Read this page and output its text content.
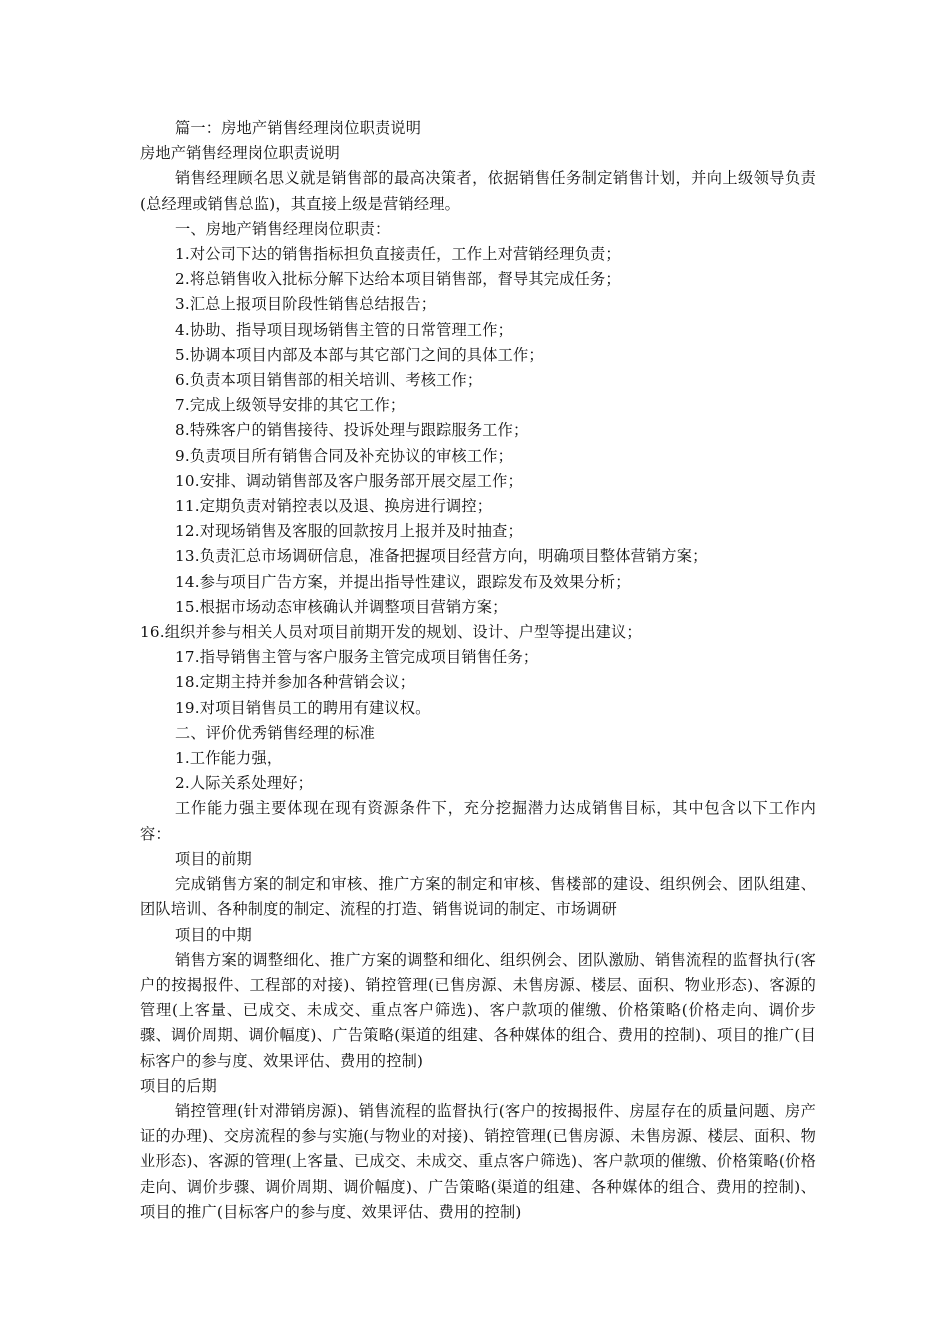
篇一：房地产销售经理岗位职责说明

房地产销售经理岗位职责说明

销售经理顾名思义就是销售部的最高决策者，依据销售任务制定销售计划，并向上级领导负责(总经理或销售总监)，其直接上级是营销经理。

一、房地产销售经理岗位职责：

1.对公司下达的销售指标担负直接责任，工作上对营销经理负责；

2.将总销售收入批标分解下达给本项目销售部，督导其完成任务；

3.汇总上报项目阶段性销售总结报告；

4.协助、指导项目现场销售主管的日常管理工作；

5.协调本项目内部及本部与其它部门之间的具体工作；

6.负责本项目销售部的相关培训、考核工作；

7.完成上级领导安排的其它工作；

8.特殊客户的销售接待、投诉处理与跟踪服务工作；

9.负责项目所有销售合同及补充协议的审核工作；

10.安排、调动销售部及客户服务部开展交屋工作；

11.定期负责对销控表以及退、换房进行调控；

12.对现场销售及客服的回款按月上报并及时抽查；

13.负责汇总市场调研信息，准备把握项目经营方向，明确项目整体营销方案；

14.参与项目广告方案，并提出指导性建议，跟踪发布及效果分析；

15.根据市场动态审核确认并调整项目营销方案；

16.组织并参与相关人员对项目前期开发的规划、设计、户型等提出建议；

17.指导销售主管与客户服务主管完成项目销售任务；

18.定期主持并参加各种营销会议；

19.对项目销售员工的聘用有建议权。

二、评价优秀销售经理的标准

1.工作能力强，

2.人际关系处理好；

工作能力强主要体现在现有资源条件下，充分挖掘潜力达成销售目标，其中包含以下工作内容：

项目的前期

完成销售方案的制定和审核、推广方案的制定和审核、售楼部的建设、组织例会、团队组建、团队培训、各种制度的制定、流程的打造、销售说词的制定、市场调研

项目的中期

销售方案的调整细化、推广方案的调整和细化、组织例会、团队激励、销售流程的监督执行(客户的按揭报件、工程部的对接)、销控管理(已售房源、未售房源、楼层、面积、物业形态)、客源的管理(上客量、已成交、未成交、重点客户筛选)、客户款项的催缴、价格策略(价格走向、调价步骤、调价周期、调价幅度)、广告策略(渠道的组建、各种媒体的组合、费用的控制)、项目的推广(目标客户的参与度、效果评估、费用的控制)

项目的后期

销控管理(针对滞销房源)、销售流程的监督执行(客户的按揭报件、房屋存在的质量问题、房产证的办理)、交房流程的参与实施(与物业的对接)、销控管理(已售房源、未售房源、楼层、面积、物业形态)、客源的管理(上客量、已成交、未成交、重点客户筛选)、客户款项的催缴、价格策略(价格走向、调价步骤、调价周期、调价幅度)、广告策略(渠道的组建、各种媒体的组合、费用的控制)、项目的推广(目标客户的参与度、效果评估、费用的控制)
